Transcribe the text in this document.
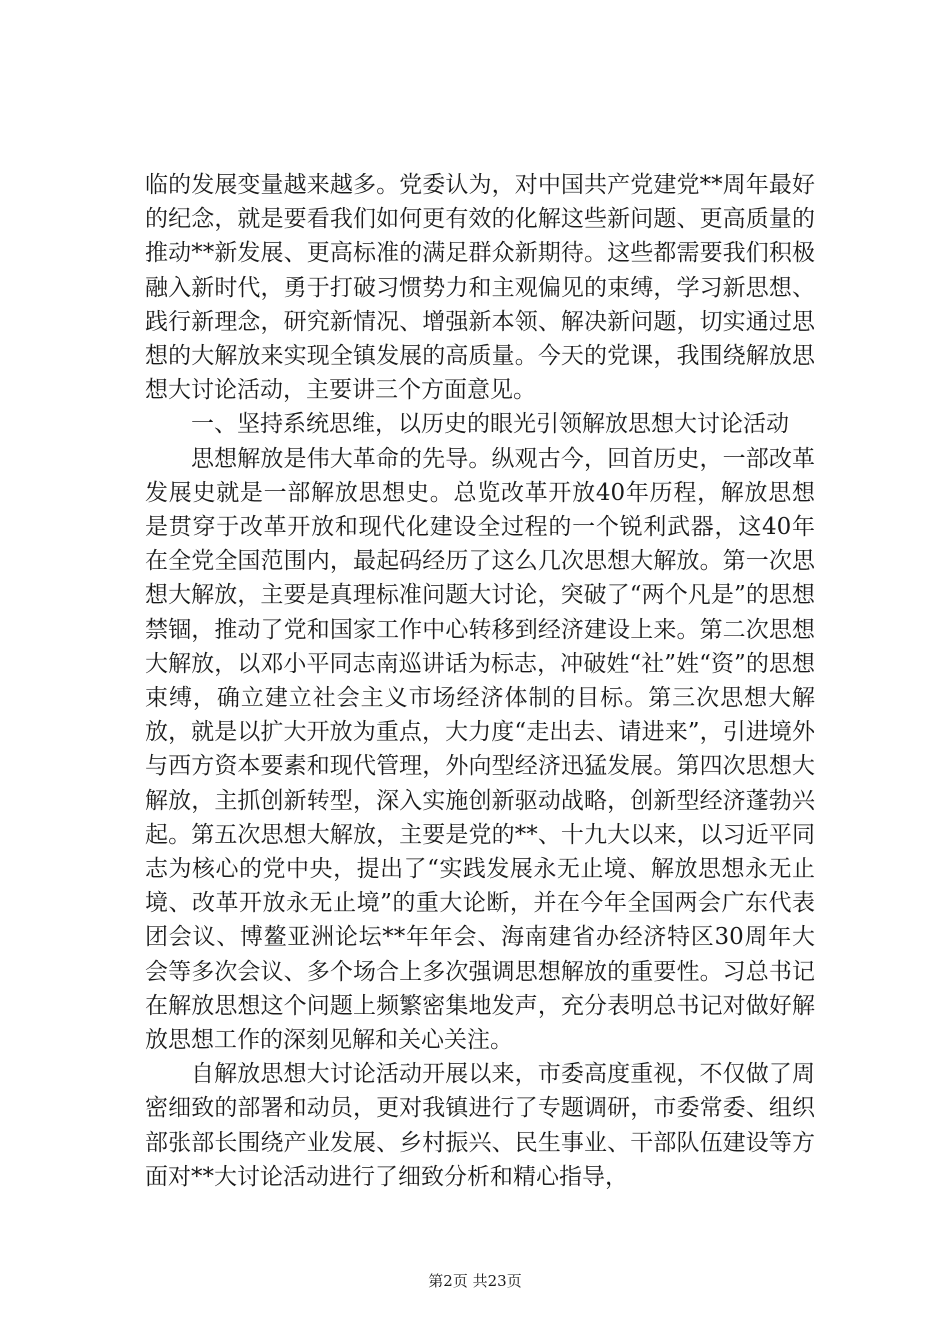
临的发展变量越来越多。党委认为，对中国共产党建党**周年最好的纪念，就是要看我们如何更有效的化解这些新问题、更高质量的推动**新发展、更高标准的满足群众新期待。这些都需要我们积极融入新时代，勇于打破习惯势力和主观偏见的束缚，学习新思想、践行新理念，研究新情况、增强新本领、解决新问题，切实通过思想的大解放来实现全镇发展的高质量。今天的党课，我围绕解放思想大讨论活动，主要讲三个方面意见。

一、坚持系统思维，以历史的眼光引领解放思想大讨论活动

思想解放是伟大革命的先导。纵观古今，回首历史，一部改革发展史就是一部解放思想史。总览改革开放40年历程，解放思想是贯穿于改革开放和现代化建设全过程的一个锐利武器，这40年在全党全国范围内，最起码经历了这么几次思想大解放。第一次思想大解放，主要是真理标准问题大讨论，突破了“两个凡是”的思想禁锢，推动了党和国家工作中心转移到经济建设上来。第二次思想大解放，以邓小平同志南巡讲话为标志，冲破姓“社”姓“资”的思想束缚，确立建立社会主义市场经济体制的目标。第三次思想大解放，就是以扩大开放为重点，大力度“走出去、请进来”，引进境外与西方资本要素和现代管理，外向型经济迅猛发展。第四次思想大解放，主抓创新转型，深入实施创新驱动战略，创新型经济蓬勃兴起。第五次思想大解放，主要是党的**、十九大以来，以习近平同志为核心的党中央，提出了“实践发展永无止境、解放思想永无止境、改革开放永无止境”的重大论断，并在今年全国两会广东代表团会议、博鳌亚洲论坛**年年会、海南建省办经济特区30周年大会等多次会议、多个场合上多次强调思想解放的重要性。习总书记在解放思想这个问题上频繁密集地发声，充分表明总书记对做好解放思想工作的深刻见解和关心关注。

自解放思想大讨论活动开展以来，市委高度重视，不仅做了周密细致的部署和动员，更对我镇进行了专题调研，市委常委、组织部张部长围绕产业发展、乡村振兴、民生事业、干部队伍建设等方面对**大讨论活动进行了细致分析和精心指导，

第2页 共23页
